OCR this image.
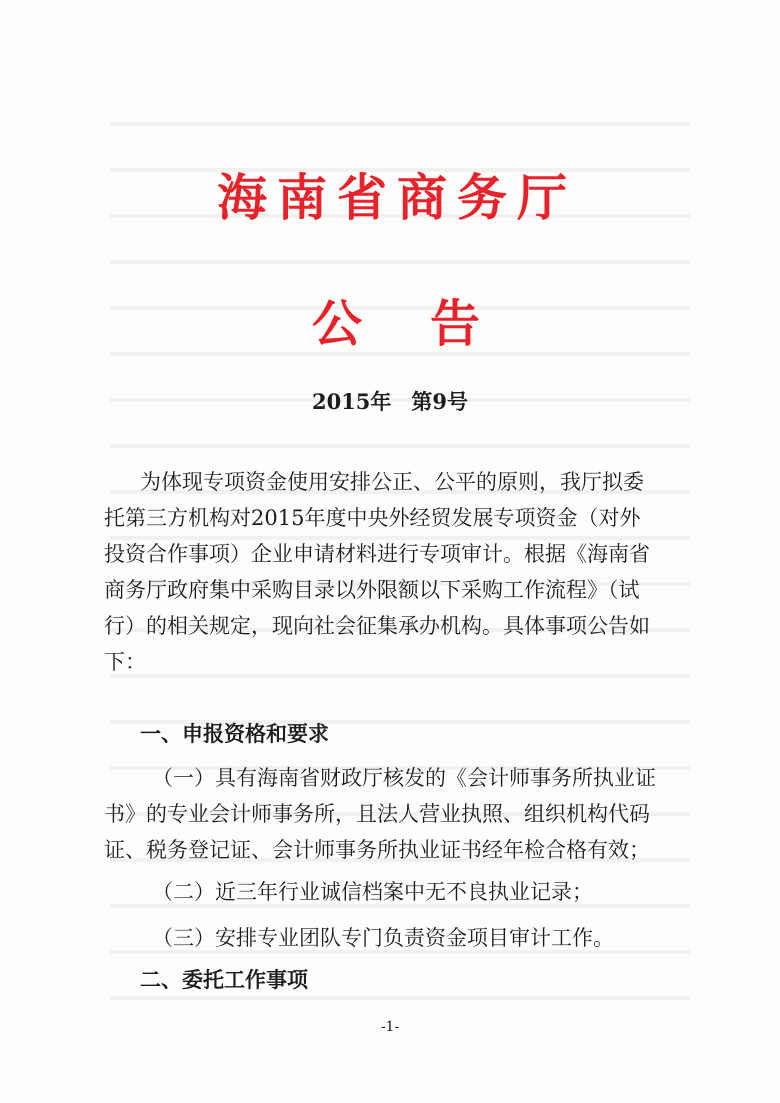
海南省商务厅
公告

2015年 第9号

为体现专项资金使用安排公正、公平的原则，我厅拟委
托第三方机构对2015年度中央外经贸发展专项资金（对外
投资合作事项）企业申请材料进行专项审计。根据《海南省
商务厅政府集中采购目录以外限额以下采购工作流程》（试
行）的相关规定，现向社会征集承办机构。具体事项公告如
下：

一、申报资格和要求

（一）具有海南省财政厅核发的《会计师事务所执业证
书》的专业会计师事务所，且法人营业执照、组织机构代码
证、税务登记证、会计师事务所执业证书经年检合格有效；

（二）近三年行业诚信档案中无不良执业记录；

（三）安排专业团队专门负责资金项目审计工作。

二、委托工作事项

-1-
